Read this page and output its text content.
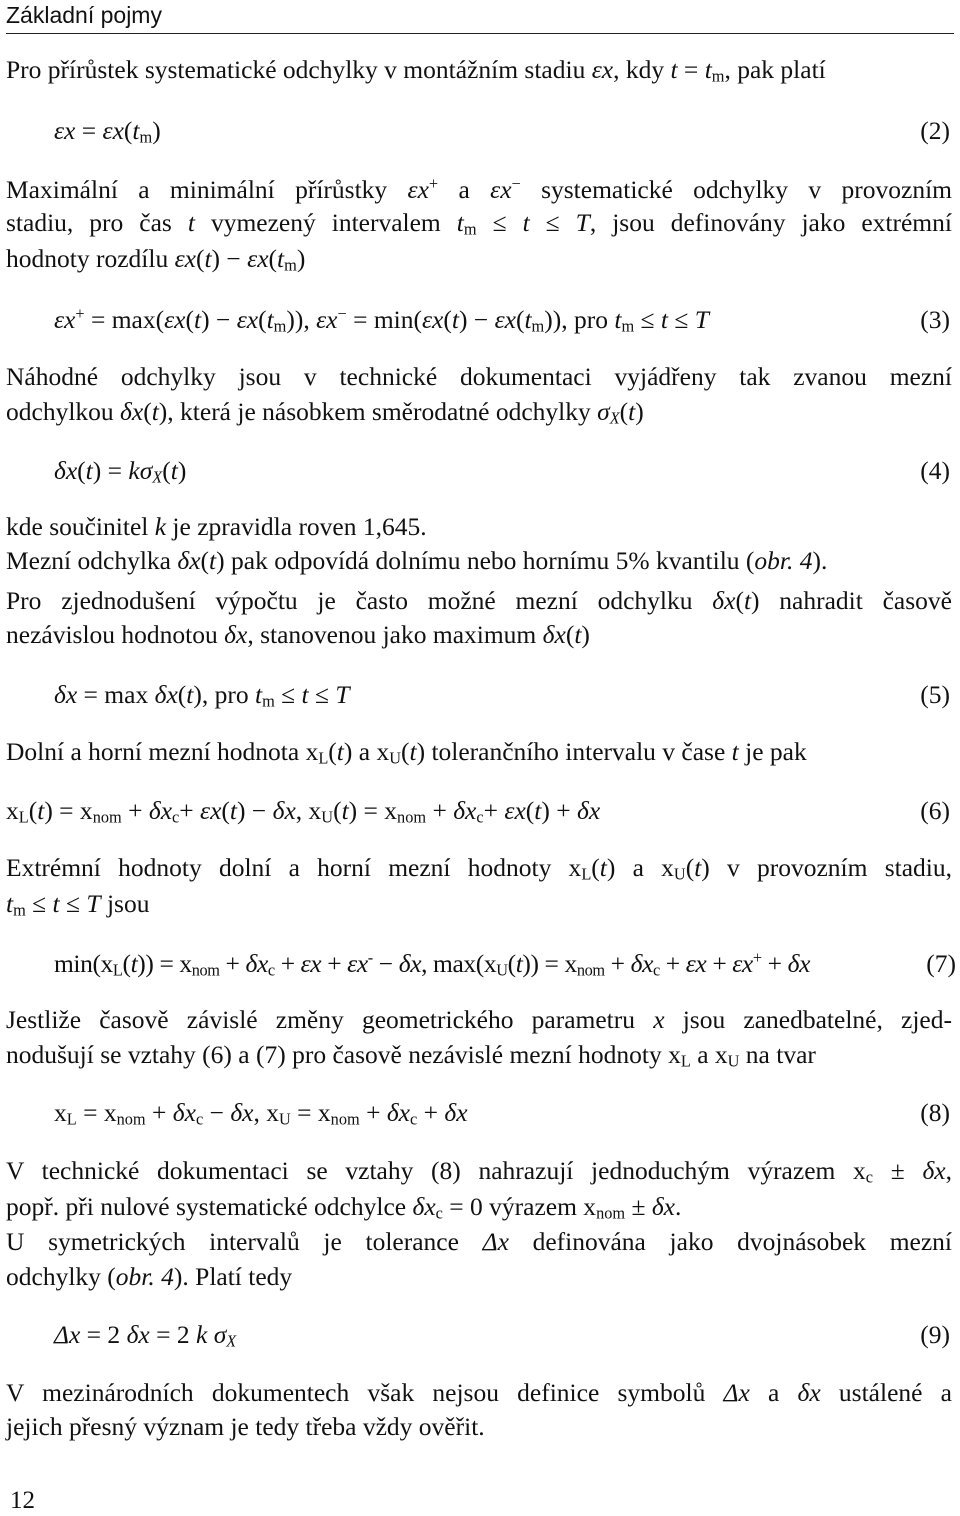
Základní pojmy
Pro přírůstek systematické odchylky v montážním stadiu εx, kdy $t = t_m$, pak platí
$\varepsilon x = \varepsilon x(t_m)$	(2)
Maximální a minimální přírůstky εx+ a εx− systematické odchylky v provozním
stadiu, pro čas t vymezený intervalem $t_m \le t \le T$, jsou definovány jako extrémní
hodnoty rozdílu $\varepsilon x(t) - \varepsilon x(t_m)$
$\varepsilon x^+ = \max(\varepsilon x(t) - \varepsilon x(t_m))$, $\varepsilon x^- = \min(\varepsilon x(t) - \varepsilon x(t_m))$, pro $t_m \le t \le T$	(3)
Náhodné odchylky jsou v technické dokumentaci vyjádřeny tak zvanou mezní
odchylkou δx(t), která je násobkem směrodatné odchylky $\sigma_X(t)$
$\delta x(t) = k\sigma_X(t)$	(4)
kde součinitel k je zpravidla roven 1,645.
Mezní odchylka δx(t) pak odpovídá dolnímu nebo hornímu 5% kvantilu (obr. 4).
Pro zjednodušení výpočtu je často možné mezní odchylku δx(t) nahradit časově
nezávislou hodnotou δx, stanovenou jako maximum δx(t)
δx = max δx(t), pro $t_m \le t \le T$	(5)
Dolní a horní mezní hodnota $x_L(t)$ a $x_U(t)$ tolerančního intervalu v čase t je pak
$x_L(t) = x_{nom} + \delta x_c+ \varepsilon x(t) - \delta x$, $x_U(t) = x_{nom} + \delta x_c+ \varepsilon x(t) + \delta x$	(6)
Extrémní hodnoty dolní a horní mezní hodnoty $x_L(t)$ a $x_U(t)$ v provozním stadiu,
$t_m \le t \le T$ jsou
$\min(x_L(t)) = x_{nom} + \delta x_c + \varepsilon x + \varepsilon x^- - \delta x$, $\max(x_U(t)) = x_{nom} + \delta x_c + \varepsilon x + \varepsilon x^+ + \delta x$	(7)
Jestliže časově závislé změny geometrického parametru x jsou zanedbatelné, zjed-
nodušují se vztahy (6) a (7) pro časově nezávislé mezní hodnoty $x_L$ a $x_U$ na tvar
$x_L = x_{nom} + \delta x_c - \delta x$, $x_U = x_{nom} + \delta x_c + \delta x$	(8)
V technické dokumentaci se vztahy (8) nahrazují jednoduchým výrazem $x_c \pm \delta x$,
popř. při nulové systematické odchylce $\delta x_c = 0$ výrazem $x_{nom} \pm \delta x$.
U symetrických intervalů je tolerance Δx definována jako dvojnásobek mezní
odchylky (obr. 4). Platí tedy
Δx = 2 δx = 2 k $\sigma_X$	(9)
V mezinárodních dokumentech však nejsou definice symbolů Δx a δx ustálené a
jejich přesný význam je tedy třeba vždy ověřit.
12
